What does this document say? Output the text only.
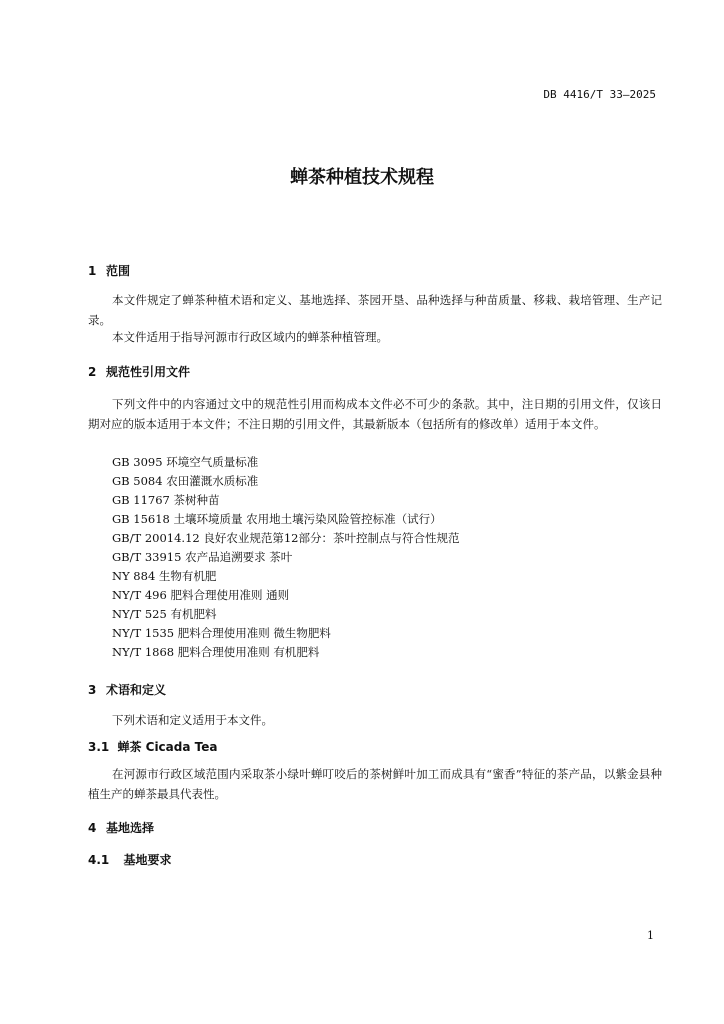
DB 4416/T 33—2025
蝉茶种植技术规程
1 范围
本文件规定了蝉茶种植术语和定义、基地选择、茶园开垦、品种选择与种苗质量、移栽、栽培管理、生产记录。
本文件适用于指导河源市行政区域内的蝉茶种植管理。
2 规范性引用文件
下列文件中的内容通过文中的规范性引用而构成本文件必不可少的条款。其中，注日期的引用文件，仅该日期对应的版本适用于本文件；不注日期的引用文件，其最新版本（包括所有的修改单）适用于本文件。
GB 3095 环境空气质量标准
GB 5084 农田灌溉水质标准
GB 11767 茶树种苗
GB 15618 土壤环境质量 农用地土壤污染风险管控标准（试行）
GB/T 20014.12 良好农业规范第12部分：茶叶控制点与符合性规范
GB/T 33915 农产品追溯要求 茶叶
NY 884 生物有机肥
NY/T 496 肥料合理使用准则 通则
NY/T 525 有机肥料
NY/T 1535 肥料合理使用准则 微生物肥料
NY/T 1868 肥料合理使用准则 有机肥料
3 术语和定义
下列术语和定义适用于本文件。
3.1 蝉茶 Cicada Tea
在河源市行政区域范围内采取茶小绿叶蝉叮咬后的茶树鲜叶加工而成具有“蜜香”特征的茶产品，以紫金县种植生产的蝉茶最具代表性。
4 基地选择
4.1 基地要求
1
